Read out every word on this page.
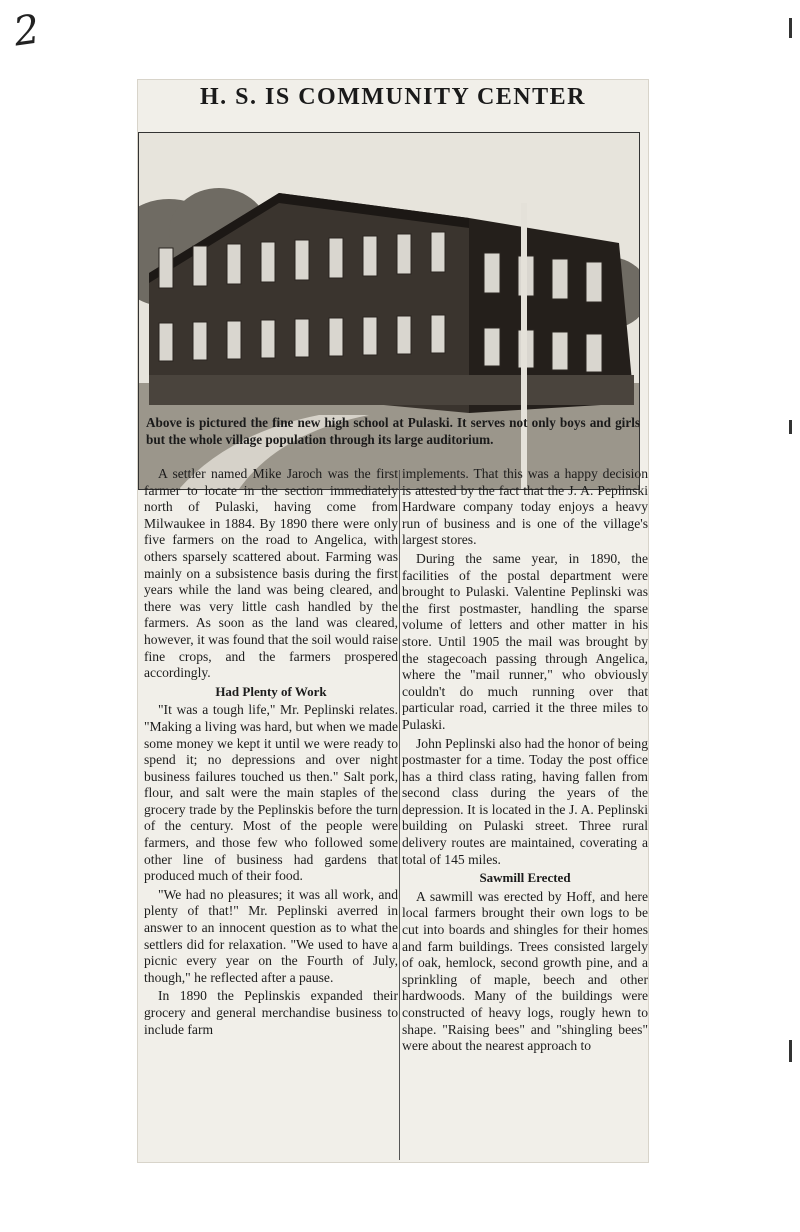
2
H. S. IS COMMUNITY CENTER
Above is pictured the fine new high school at Pulaski. It serves not only boys and girls but the whole village population through its large auditorium.

A settler named Mike Jaroch was the first farmer to locate in the section immediately north of Pulaski, having come from Milwaukee in 1884. By 1890 there were only five farmers on the road to Angelica, with others sparsely scattered about. Farming was mainly on a subsistence basis during the first years while the land was being cleared, and there was very little cash handled by the farmers. As soon as the land was cleared, however, it was found that the soil would raise fine crops, and the farmers prospered accordingly.

Had Plenty of Work

"It was a tough life," Mr. Peplinski relates. "Making a living was hard, but when we made some money we kept it until we were ready to spend it; no depressions and over night business failures touched us then." Salt pork, flour, and salt were the main staples of the grocery trade by the Peplinskis before the turn of the century. Most of the people were farmers, and those few who followed some other line of business had gardens that produced much of their food.

"We had no pleasures; it was all work, and plenty of that!" Mr. Peplinski averred in answer to an innocent question as to what the settlers did for relaxation. "We used to have a picnic every year on the Fourth of July, though," he reflected after a pause.

In 1890 the Peplinskis expanded their grocery and general merchandise business to include farm

implements. That this was a happy decision is attested by the fact that the J. A. Peplinski Hardware company today enjoys a heavy run of business and is one of the village's largest stores.

During the same year, in 1890, the facilities of the postal department were brought to Pulaski. Valentine Peplinski was the first postmaster, handling the sparse volume of letters and other matter in his store. Until 1905 the mail was brought by the stagecoach passing through Angelica, where the "mail runner," who obviously couldn't do much running over that particular road, carried it the three miles to Pulaski.

John Peplinski also had the honor of being postmaster for a time. Today the post office has a third class rating, having fallen from second class during the years of the depression. It is located in the J. A. Peplinski building on Pulaski street. Three rural delivery routes are maintained, coverating a total of 145 miles.

Sawmill Erected

A sawmill was erected by Hoff, and here local farmers brought their own logs to be cut into boards and shingles for their homes and farm buildings. Trees consisted largely of oak, hemlock, second growth pine, and a sprinkling of maple, beech and other hardwoods. Many of the buildings were constructed of heavy logs, rougly hewn to shape. "Raising bees" and "shingling bees" were about the nearest approach to
